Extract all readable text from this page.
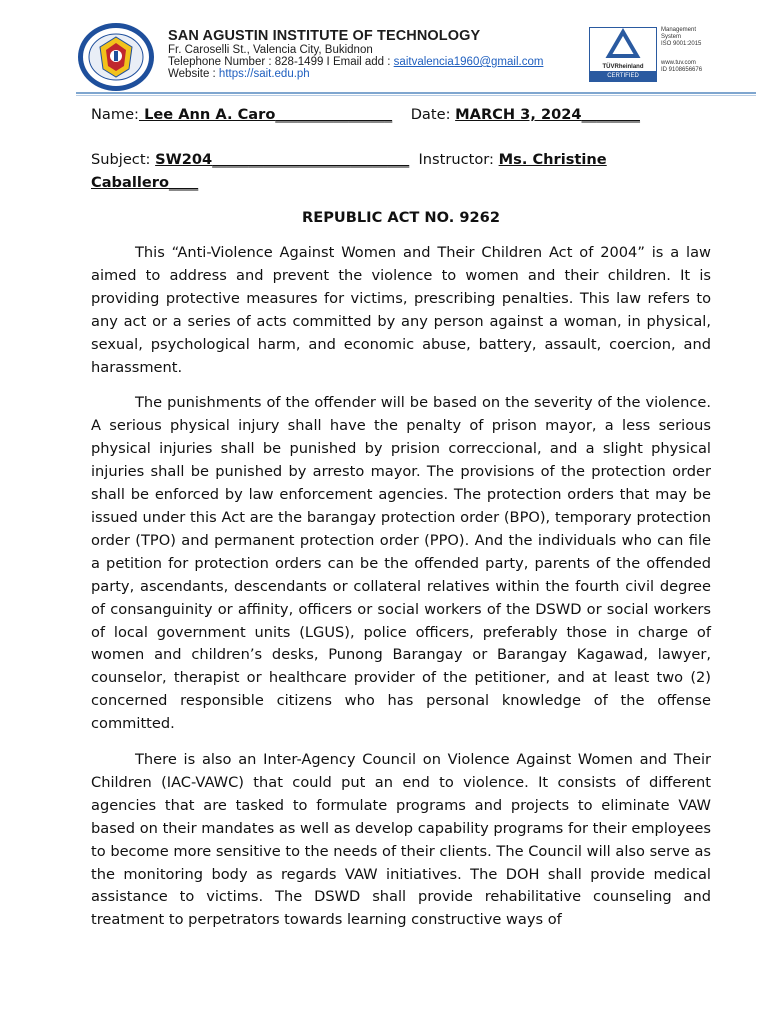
SAN AGUSTIN INSTITUTE OF TECHNOLOGY
Fr. Caroselli St., Valencia City, Bukidnon
Telephone Number : 828-1499 I Email add : saitvalencia1960@gmail.com
Website : https://sait.edu.ph
TÜVRheinland
CERTIFIED
Management
System
ISO 9001:2015
www.tuv.com
ID 9108656676
Name: Lee Ann A. Caro________________ Date: MARCH 3, 2024________
Subject: SW204___________________________ Instructor: Ms. Christine Caballero____
REPUBLIC ACT NO. 9262

This “Anti-Violence Against Women and Their Children Act of 2004” is a law aimed to address and prevent the violence to women and their children. It is providing protective measures for victims, prescribing penalties. This law refers to any act or a series of acts committed by any person against a woman, in physical, sexual, psychological harm, and economic abuse, battery, assault, coercion, and harassment.

The punishments of the offender will be based on the severity of the violence. A serious physical injury shall have the penalty of prison mayor, a less serious physical injuries shall be punished by prision correccional, and a slight physical injuries shall be punished by arresto mayor. The provisions of the protection order shall be enforced by law enforcement agencies. The protection orders that may be issued under this Act are the barangay protection order (BPO), temporary protection order (TPO) and permanent protection order (PPO). And the individuals who can file a petition for protection orders can be the offended party, parents of the offended party, ascendants, descendants or collateral relatives within the fourth civil degree of consanguinity or affinity, officers or social workers of the DSWD or social workers of local government units (LGUS), police officers, preferably those in charge of women and children’s desks, Punong Barangay or Barangay Kagawad, lawyer, counselor, therapist or healthcare provider of the petitioner, and at least two (2) concerned responsible citizens who has personal knowledge of the offense committed.

There is also an Inter-Agency Council on Violence Against Women and Their Children (IAC-VAWC) that could put an end to violence. It consists of different agencies that are tasked to formulate programs and projects to eliminate VAW based on their mandates as well as develop capability programs for their employees to become more sensitive to the needs of their clients. The Council will also serve as the monitoring body as regards VAW initiatives. The DOH shall provide medical assistance to victims. The DSWD shall provide rehabilitative counseling and treatment to perpetrators towards learning constructive ways of
